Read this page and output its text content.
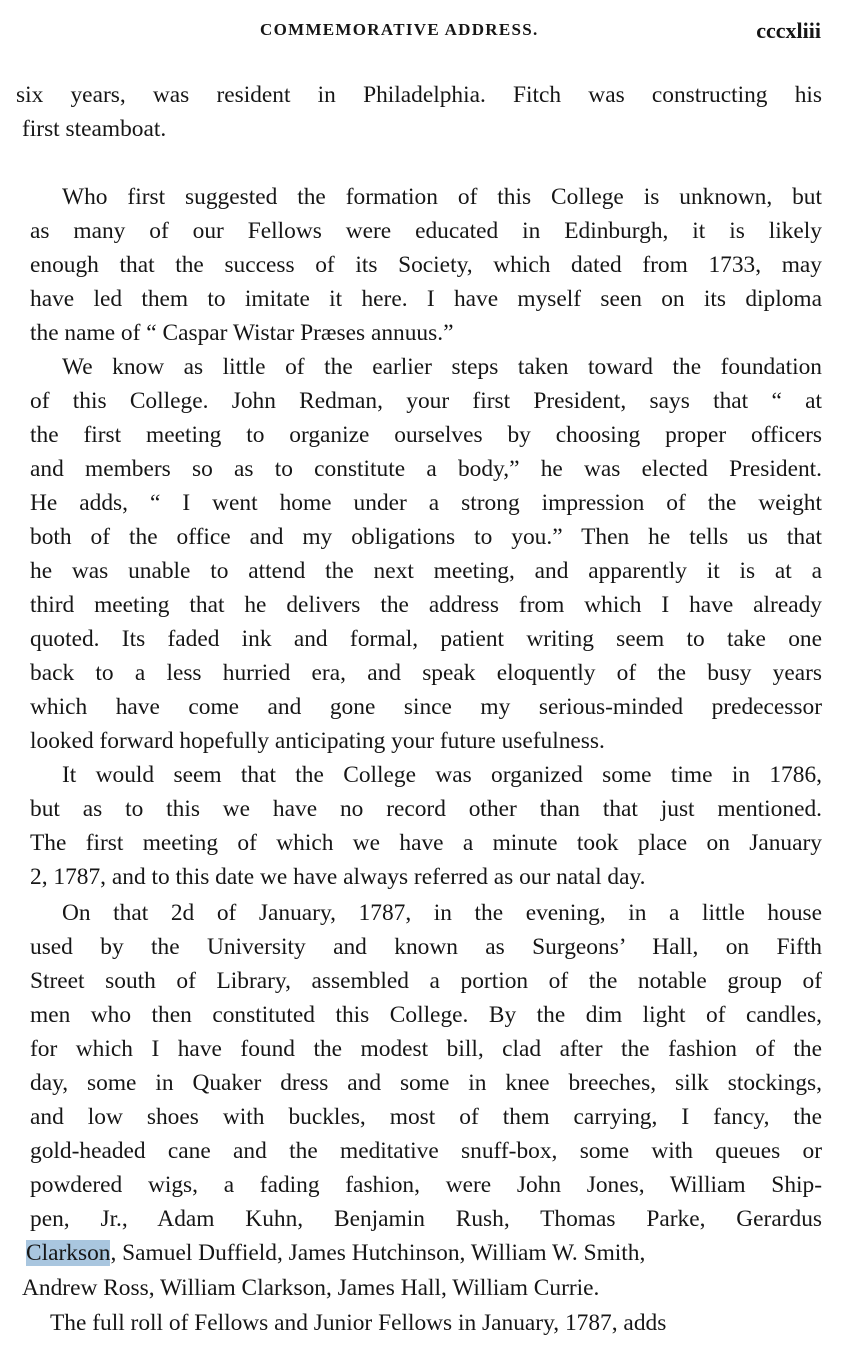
COMMEMORATIVE ADDRESS.	cccxliii
six years, was resident in Philadelphia. Fitch was constructing his
first steamboat.
Who first suggested the formation of this College is unknown, but
as many of our Fellows were educated in Edinburgh, it is likely
enough that the success of its Society, which dated from 1733, may
have led them to imitate it here. I have myself seen on its diploma
the name of “ Caspar Wistar Præses annuus.”
We know as little of the earlier steps taken toward the foundation
of this College. John Redman, your first President, says that “ at
the first meeting to organize ourselves by choosing proper officers
and members so as to constitute a body,” he was elected President.
He adds, “ I went home under a strong impression of the weight
both of the office and my obligations to you.” Then he tells us that
he was unable to attend the next meeting, and apparently it is at a
third meeting that he delivers the address from which I have already
quoted. Its faded ink and formal, patient writing seem to take one
back to a less hurried era, and speak eloquently of the busy years
which have come and gone since my serious-minded predecessor
looked forward hopefully anticipating your future usefulness.
It would seem that the College was organized some time in 1786,
but as to this we have no record other than that just mentioned.
The first meeting of which we have a minute took place on January
2, 1787, and to this date we have always referred as our natal day.
On that 2d of January, 1787, in the evening, in a little house
used by the University and known as Surgeons’ Hall, on Fifth
Street south of Library, assembled a portion of the notable group of
men who then constituted this College. By the dim light of candles,
for which I have found the modest bill, clad after the fashion of the
day, some in Quaker dress and some in knee breeches, silk stockings,
and low shoes with buckles, most of them carrying, I fancy, the
gold-headed cane and the meditative snuff-box, some with queues or
powdered wigs, a fading fashion, were John Jones, William Ship-
pen, Jr., Adam Kuhn, Benjamin Rush, Thomas Parke, Gerardus
Clarkson, Samuel Duffield, James Hutchinson, William W. Smith,
Andrew Ross, William Clarkson, James Hall, William Currie.
The full roll of Fellows and Junior Fellows in January, 1787, adds
